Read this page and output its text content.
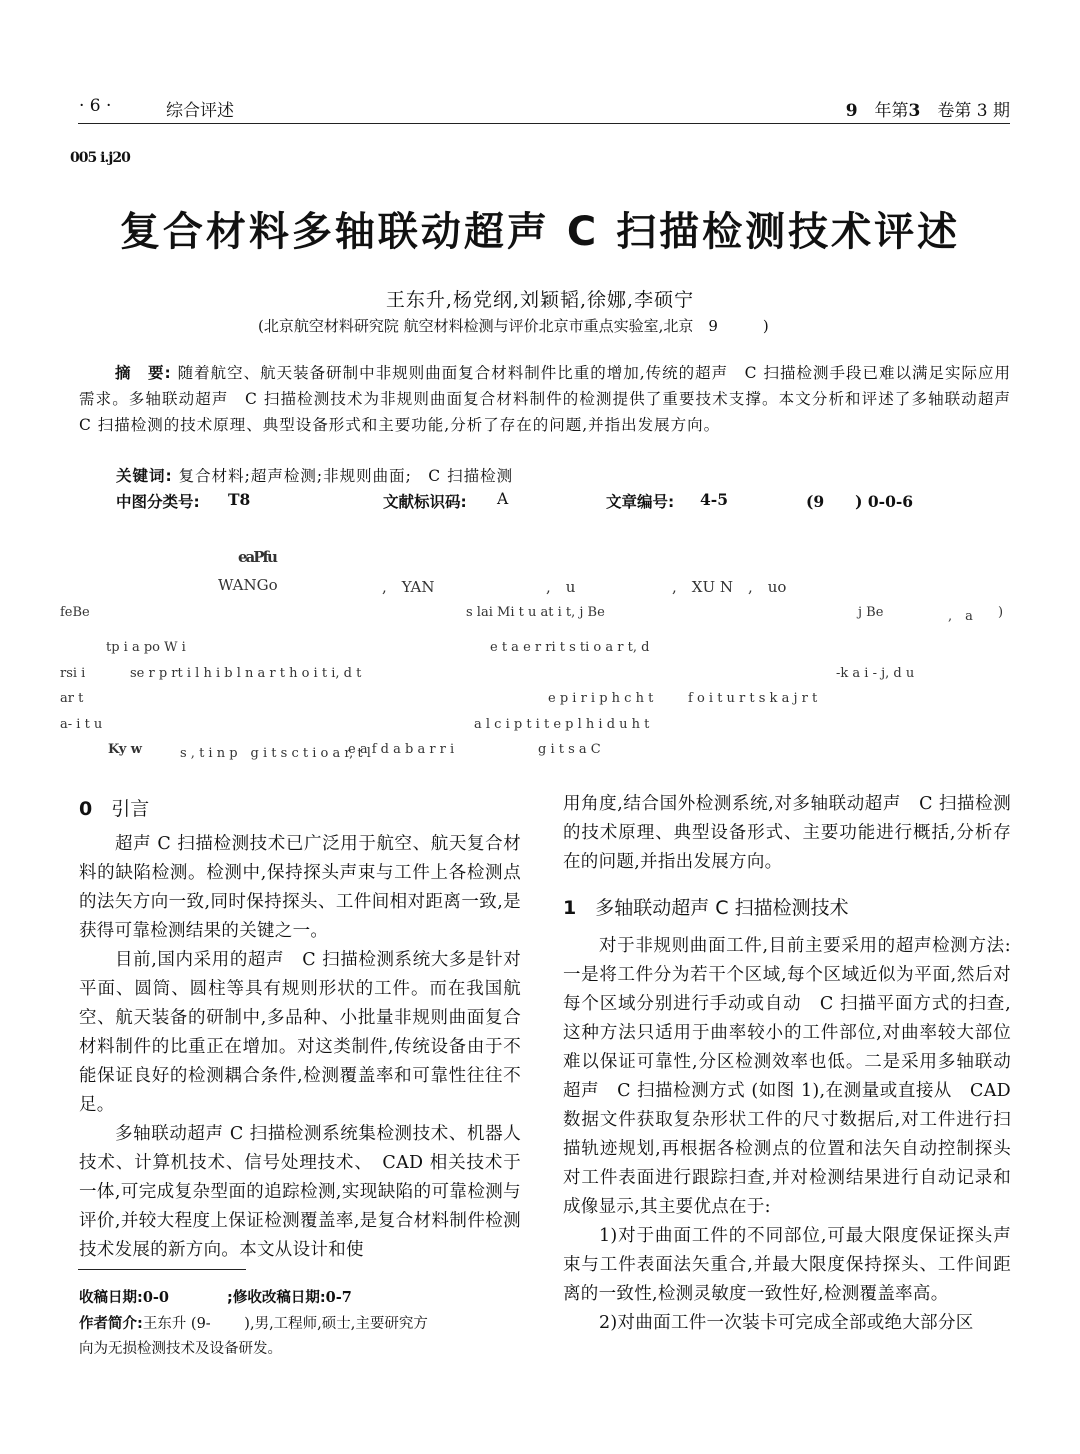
· 6 ·	综合评述	9　 年第3　 卷第 3 期
005 i.j20
复合材料多轴联动超声 C 扫描检测技术评述
王东升,杨党纲,刘颖韬,徐娜,李硕宁
(北京航空材料研究院 航空材料检测与评价北京市重点实验室,北京　9　　　)
摘　要: 随着航空、航天装备研制中非规则曲面复合材料制件比重的增加,传统的超声　C 扫描检测手段已难以满足实际应用需求。多轴联动超声　C 扫描检测技术为非规则曲面复合材料制件的检测提供了重要技术支撑。本文分析和评述了多轴联动超声 C 扫描检测的技术原理、典型设备形式和主要功能,分析了存在的问题,并指出发展方向。
关键词: 复合材料;超声检测;非规则曲面;　C 扫描检测
中图分类号: T8	文献标识码: A	文章编号: 4-5	(9　　) 0-0-6
eaPfu
WANGo	,　YAN	,　u	,　XU N ,　uo
feBe	s lai Mi t u at i t, j Be	j Be	,　a )
tp i a po W i	e t a e r ri t s ti o a r t, d
rsi i	se r p rt i l h i b l n a r t h o i t i, d t	-k a i - j, d u
ar t	e p i r i p h c h t	f o i t u r t s k a j r t
a- i t u	a l c i p t i t e p l h i d u h t
Ky w	s , t i n p　g i t s c t i o a r, t l
e a f d a b a r r i	g i t s a C
0　 引言

超声 C 扫描检测技术已广泛用于航空、航天复合材料的缺陷检测。检测中,保持探头声束与工件上各检测点的法矢方向一致,同时保持探头、工件间相对距离一致,是获得可靠检测结果的关键之一。

目前,国内采用的超声　C 扫描检测系统大多是针对平面、圆筒、圆柱等具有规则形状的工件。而在我国航空、航天装备的研制中,多品种、小批量非规则曲面复合材料制件的比重正在增加。对这类制件,传统设备由于不能保证良好的检测耦合条件,检测覆盖率和可靠性往往不足。

多轴联动超声 C 扫描检测系统集检测技术、机器人技术、计算机技术、信号处理技术、　CAD 相关技术于一体,可完成复杂型面的追踪检测,实现缺陷的可靠检测与评价,并较大程度上保证检测覆盖率,是复合材料制件检测技术发展的新方向。本文从设计和使

用角度,结合国外检测系统,对多轴联动超声　C 扫描检测的技术原理、典型设备形式、主要功能进行概括,分析存在的问题,并指出发展方向。

1　 多轴联动超声 C 扫描检测技术

对于非规则曲面工件,目前主要采用的超声检测方法:一是将工件分为若干个区域,每个区域近似为平面,然后对每个区域分别进行手动或自动　C 扫描平面方式的扫查,这种方法只适用于曲率较小的工件部位,对曲率较大部位难以保证可靠性,分区检测效率也低。二是采用多轴联动超声　C 扫描检测方式 (如图 1),在测量或直接从　CAD　数据文件获取复杂形状工件的尺寸数据后,对工件进行扫描轨迹规划,再根据各检测点的位置和法矢自动控制探头对工件表面进行跟踪扫查,并对检测结果进行自动记录和成像显示,其主要优点在于:

1)对于曲面工件的不同部位,可最大限度保证探头声束与工件表面法矢重合,并最大限度保持探头、工件间距离的一致性,检测灵敏度一致性好,检测覆盖率高。

2)对曲面工件一次装卡可完成全部或绝大部分区

收稿日期:0-0　　　　	;修收改稿日期:0-7
作者简介:王东升 (9-　　 ),男,工程师,硕士,主要研究方
向为无损检测技术及设备研发。
